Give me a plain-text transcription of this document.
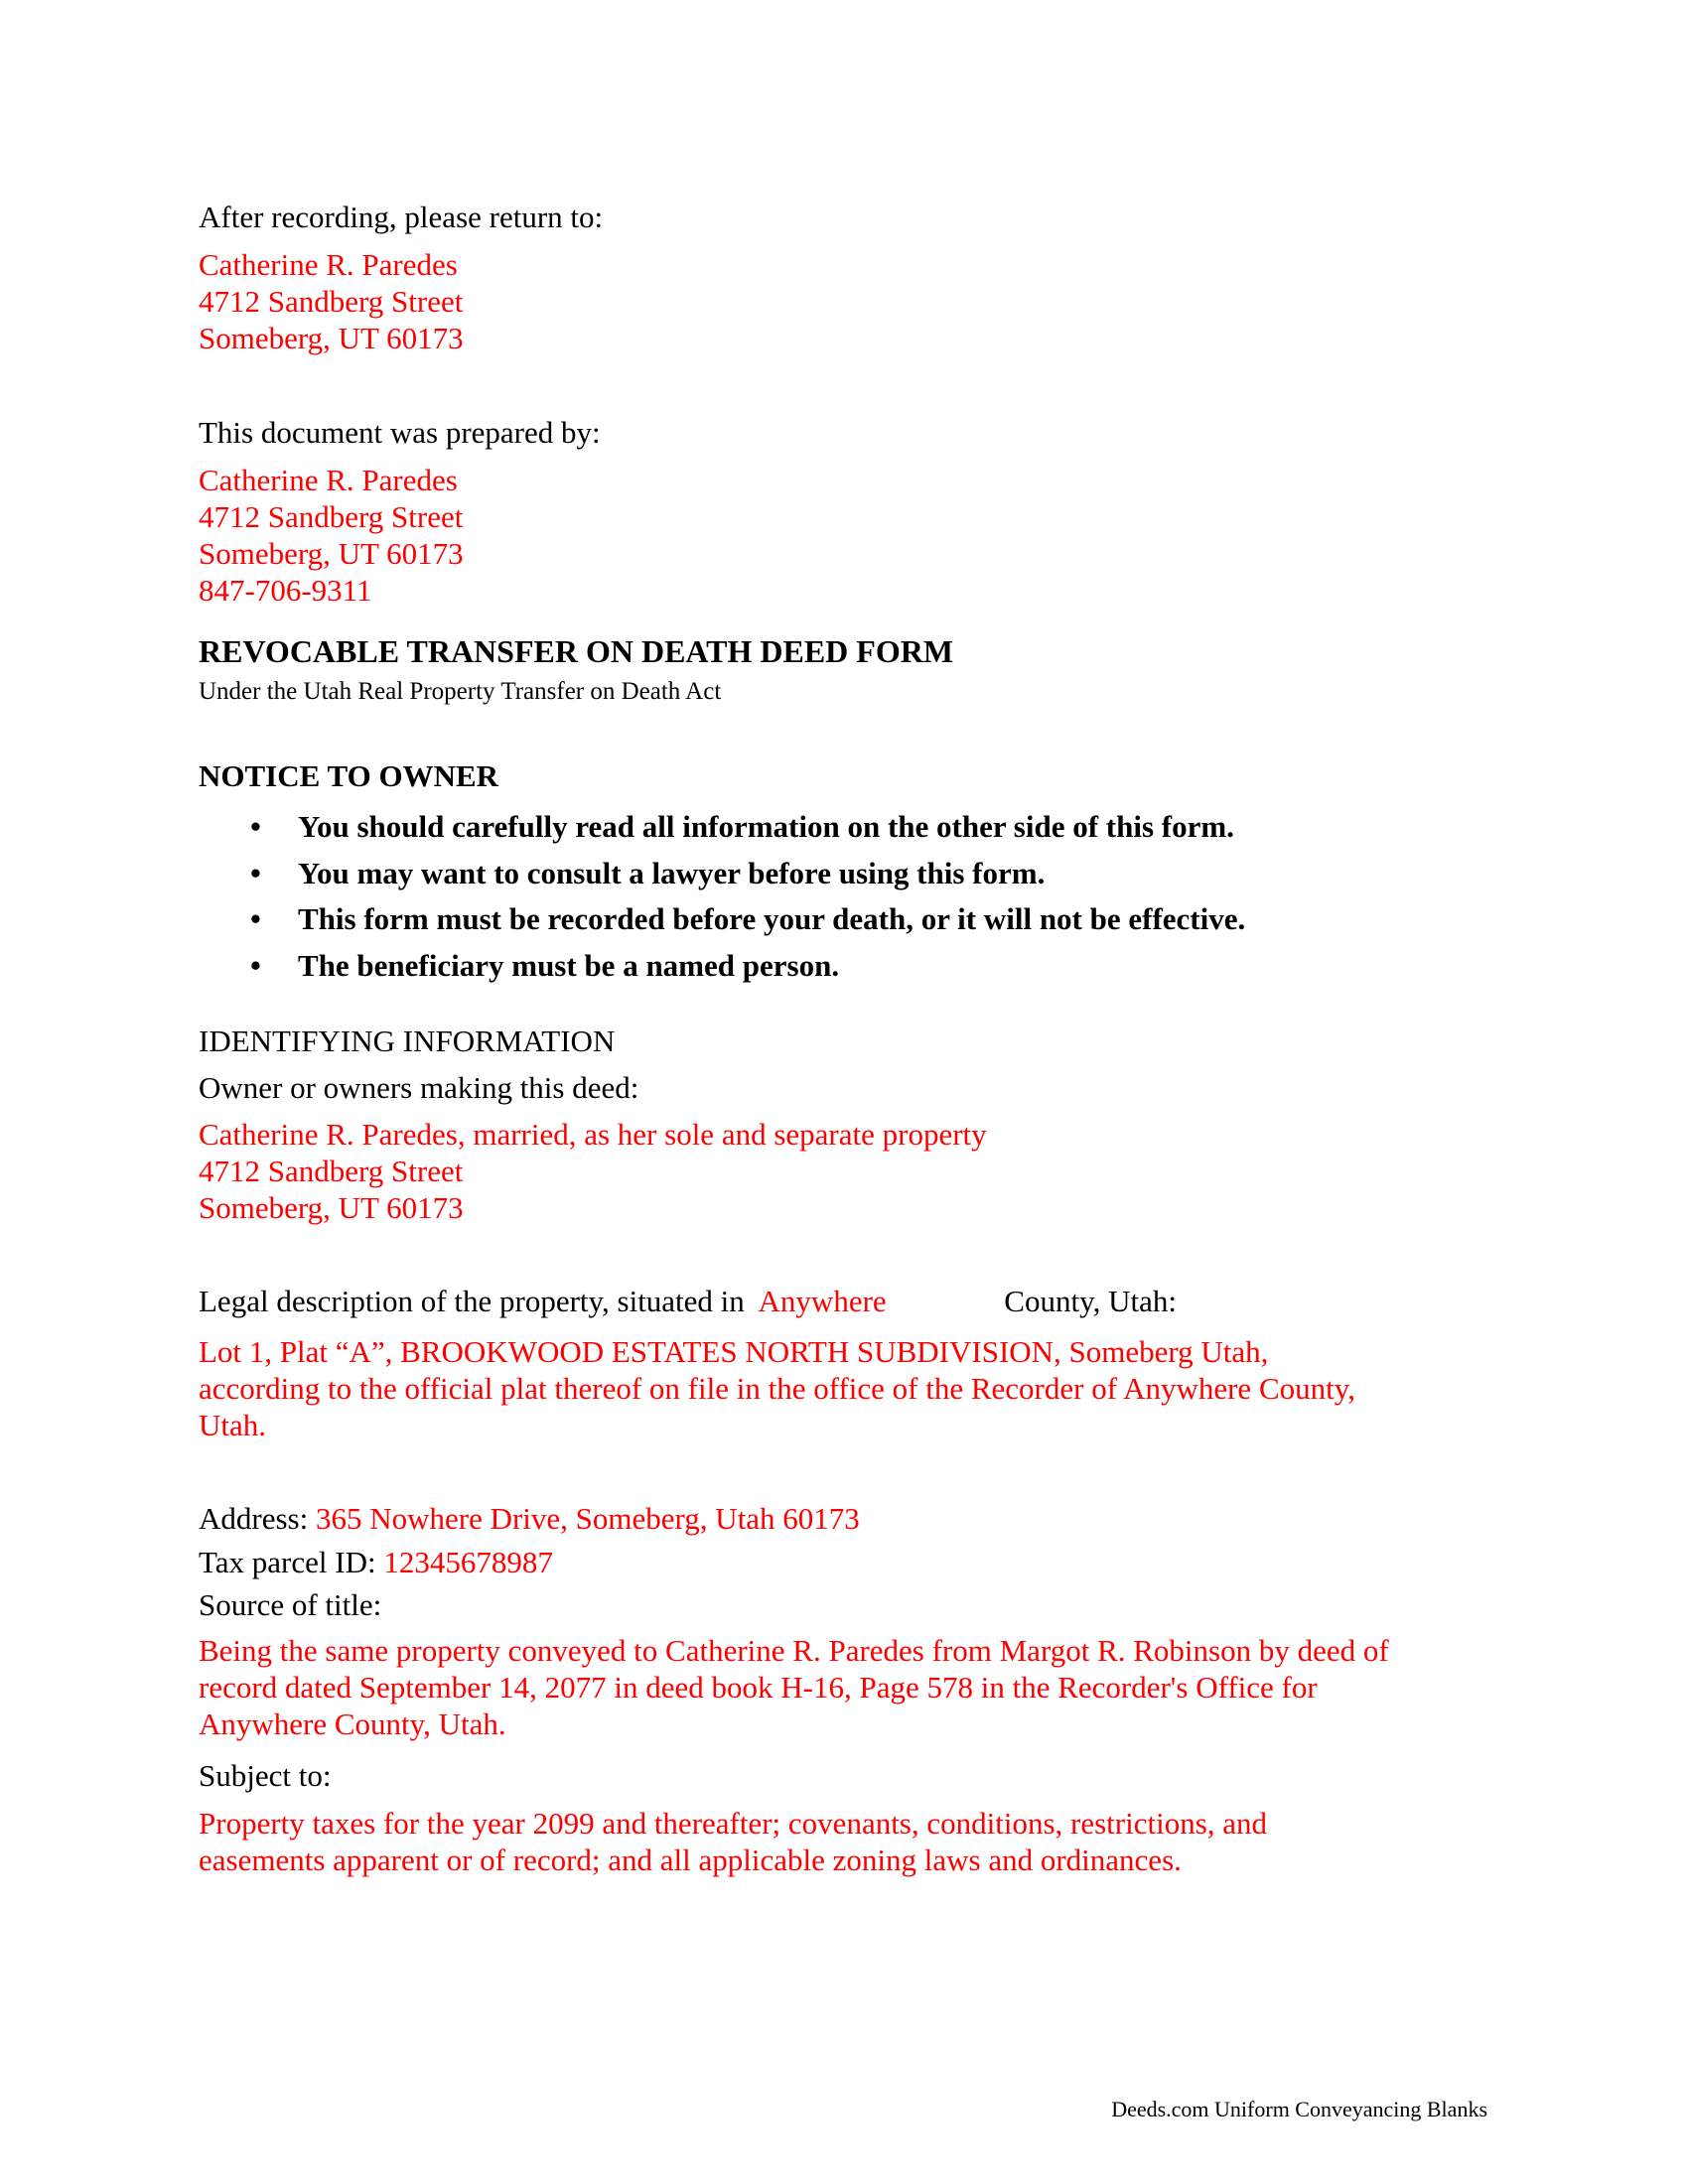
After recording, please return to:
Catherine R. Paredes
4712 Sandberg Street
Someberg, UT 60173
This document was prepared by:
Catherine R. Paredes
4712 Sandberg Street
Someberg, UT 60173
847-706-9311
REVOCABLE TRANSFER ON DEATH DEED FORM
Under the Utah Real Property Transfer on Death Act
NOTICE TO OWNER
• You should carefully read all information on the other side of this form.
• You may want to consult a lawyer before using this form.
• This form must be recorded before your death, or it will not be effective.
• The beneficiary must be a named person.
IDENTIFYING INFORMATION
Owner or owners making this deed:
Catherine R. Paredes, married, as her sole and separate property
4712 Sandberg Street
Someberg, UT 60173
Legal description of the property, situated in Anywhere	County, Utah:
Lot 1, Plat “A”, BROOKWOOD ESTATES NORTH SUBDIVISION, Someberg Utah,
according to the official plat thereof on file in the office of the Recorder of Anywhere County,
Utah.
Address: 365 Nowhere Drive, Someberg, Utah 60173
Tax parcel ID: 12345678987
Source of title:
Being the same property conveyed to Catherine R. Paredes from Margot R. Robinson by deed of
record dated September 14, 2077 in deed book H-16, Page 578 in the Recorder's Office for
Anywhere County, Utah.
Subject to:
Property taxes for the year 2099 and thereafter; covenants, conditions, restrictions, and
easements apparent or of record; and all applicable zoning laws and ordinances.
Deeds.com Uniform Conveyancing Blanks
